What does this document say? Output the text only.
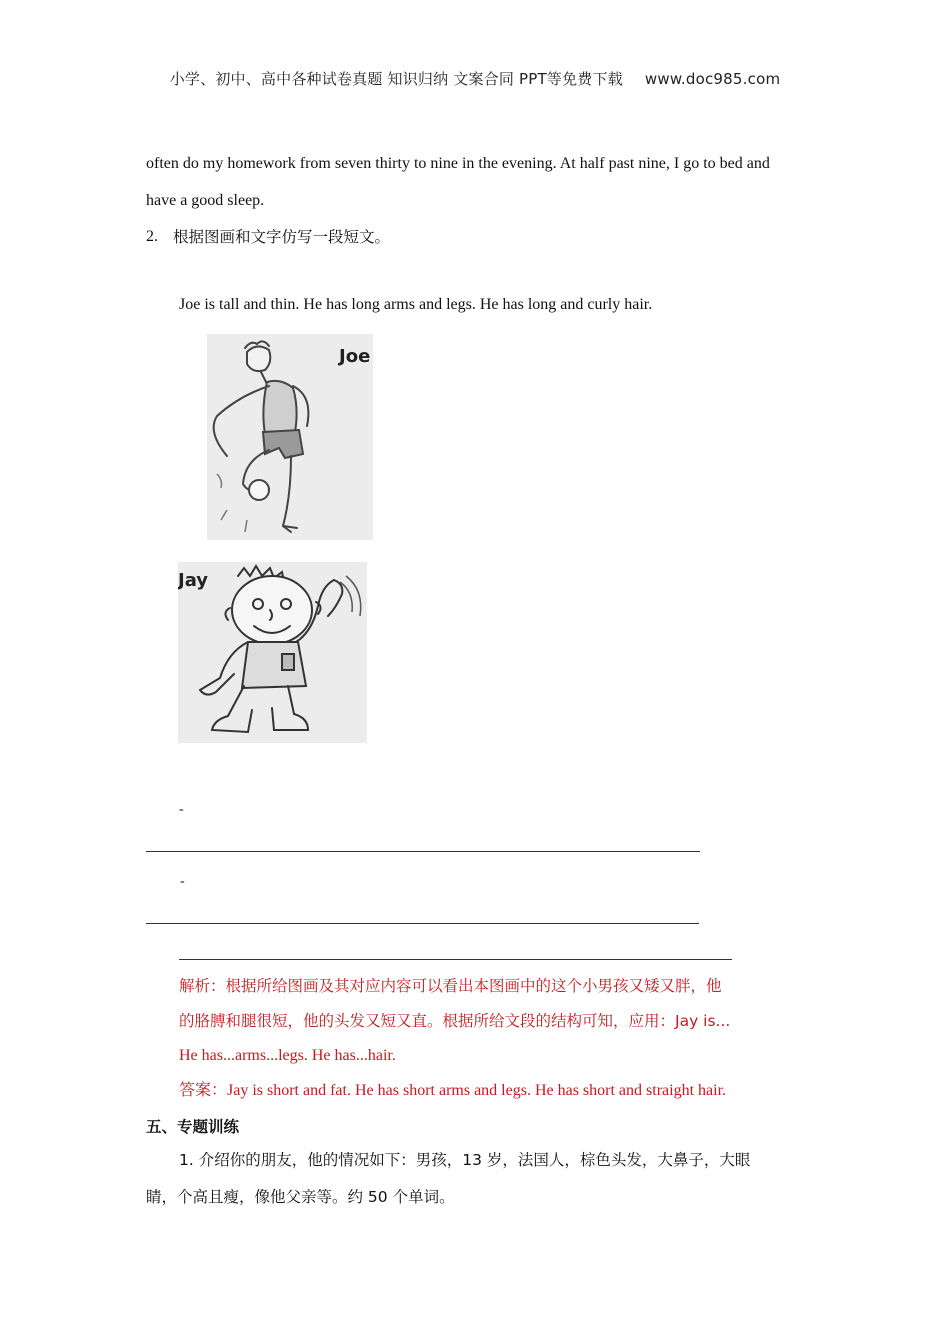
小学、初中、高中各种试卷真题 知识归纳 文案合同 PPT等免费下载 www.doc985.com
often do my homework from seven thirty to nine in the evening. At half past nine, I go to bed and
have a good sleep.
2. 根据图画和文字仿写一段短文。
Joe is tall and thin. He has long arms and legs. He has long and curly hair.
Joe
Jay
-
-
解析：根据所给图画及其对应内容可以看出本图画中的这个小男孩又矮又胖，他
的胳膊和腿很短，他的头发又短又直。根据所给文段的结构可知，应用：Jay is...
He has...arms...legs. He has...hair.
答案：Jay is short and fat. He has short arms and legs. He has short and straight hair.
五、专题训练
1. 介绍你的朋友，他的情况如下：男孩，13 岁，法国人，棕色头发，大鼻子，大眼
睛，个高且瘦，像他父亲等。约 50 个单词。
